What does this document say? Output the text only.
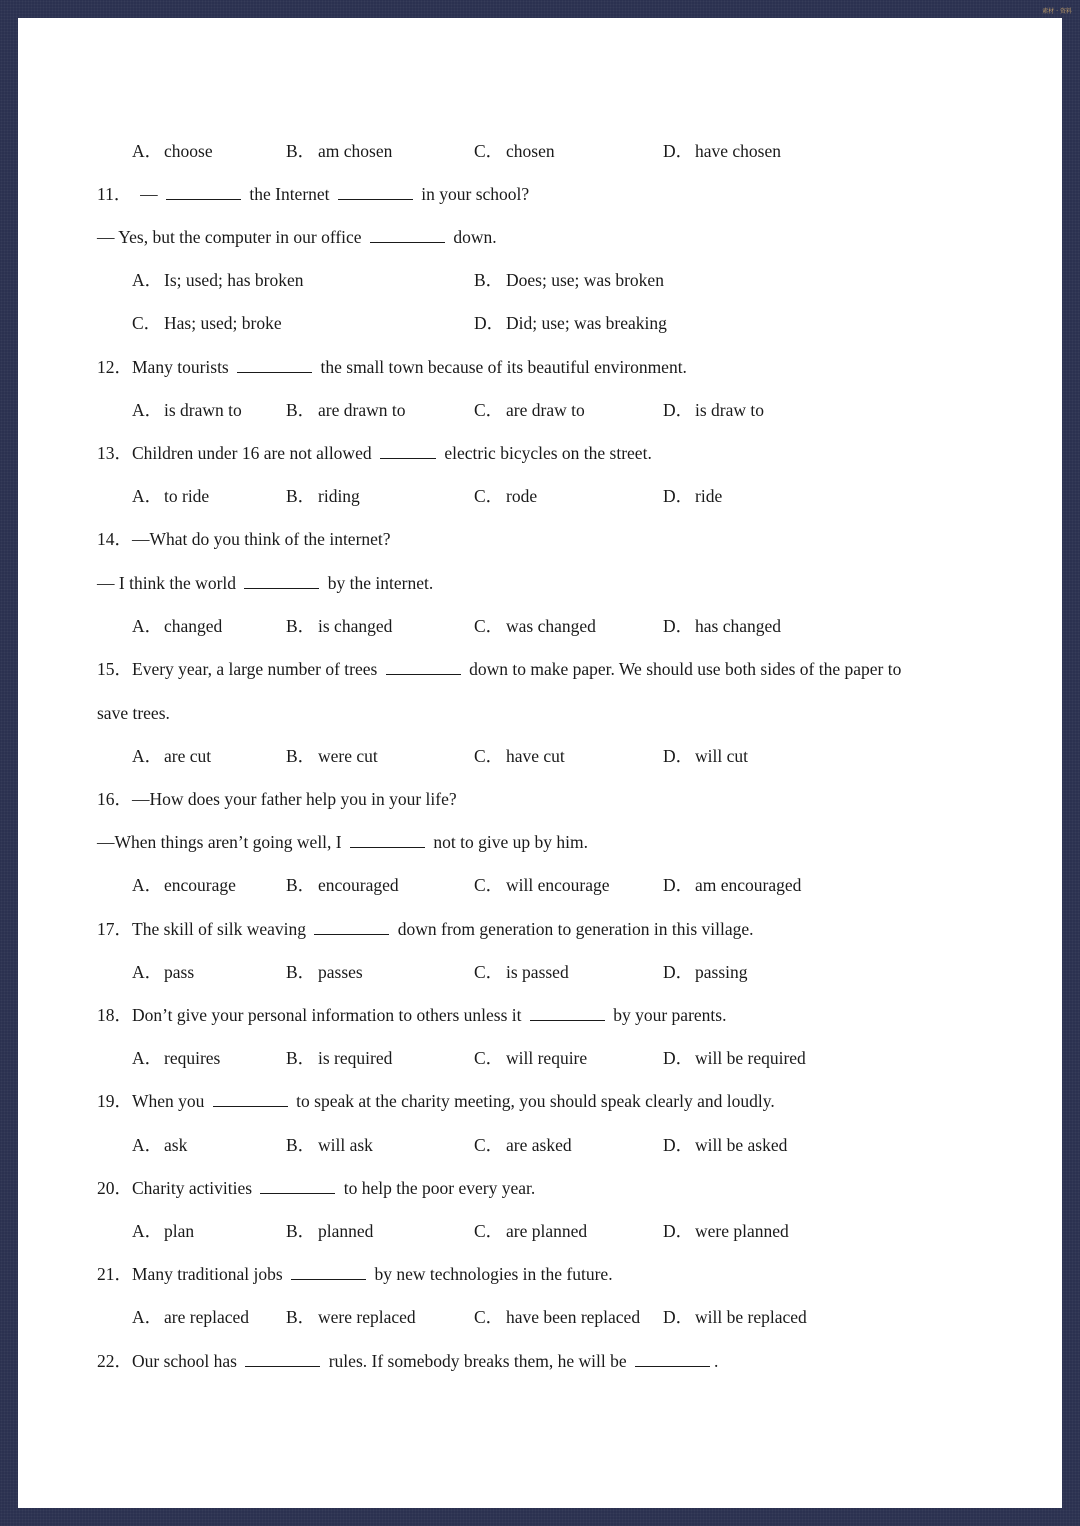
A． choose	B． am chosen	C． chosen	D． have chosen
11．  —	the Internet	in your school?
— Yes, but the computer in our office	down.
A． Is; used; has broken	B． Does; use; was broken
C． Has; used; broke	D． Did; use; was breaking
12．Many tourists	the small town because of its beautiful environment.
A． is drawn to	B． are drawn to	C． are draw to	D． is draw to
13．Children under 16 are not allowed	electric bicycles on the street.
A． to ride	B． riding	C． rode	D． ride
14．—What do you think of the internet?
— I think the world	by the internet.
A． changed	B． is changed	C． was changed	D． has changed
15．Every year, a large number of trees	down to make paper. We should use both sides of the paper to
save trees.
A． are cut	B． were cut	C． have cut	D． will cut
16．—How does your father help you in your life?
—When things aren’t going well, I	not to give up by him.
A． encourage	B． encouraged	C． will encourage	D． am encouraged
17．The skill of silk weaving	down from generation to generation in this village.
A． pass	B． passes	C． is passed	D． passing
18．Don’t give your personal information to others unless it	by your parents.
A． requires	B． is required	C． will require	D． will be required
19．When you	to speak at the charity meeting, you should speak clearly and loudly.
A． ask	B． will ask	C． are asked	D． will be asked
20．Charity activities	to help the poor every year.
A． plan	B． planned	C． are planned	D． were planned
21．Many traditional jobs	by new technologies in the future.
A． are replaced B． were replaced	C． have been replaced D． will be replaced
22．Our school has	rules. If somebody breaks them, he will be	.
素材 · 资料
